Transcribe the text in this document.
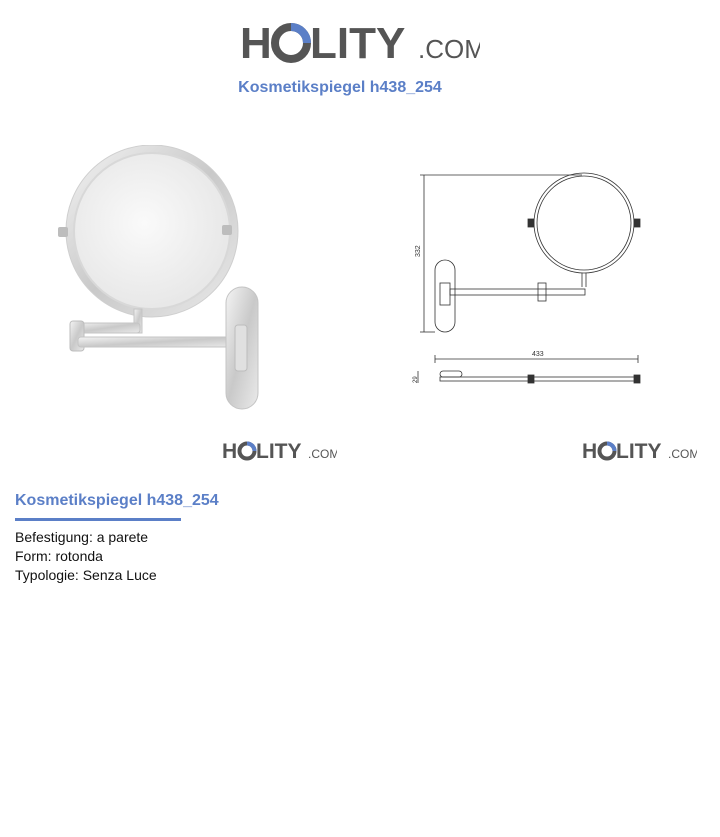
H LITY .COM
Kosmetikspiegel h438_254
332
433
29
H LITY .COM	H LITY .COM
Kosmetikspiegel h438_254
Befestigung: a parete
Form: rotonda
Typologie: Senza Luce
